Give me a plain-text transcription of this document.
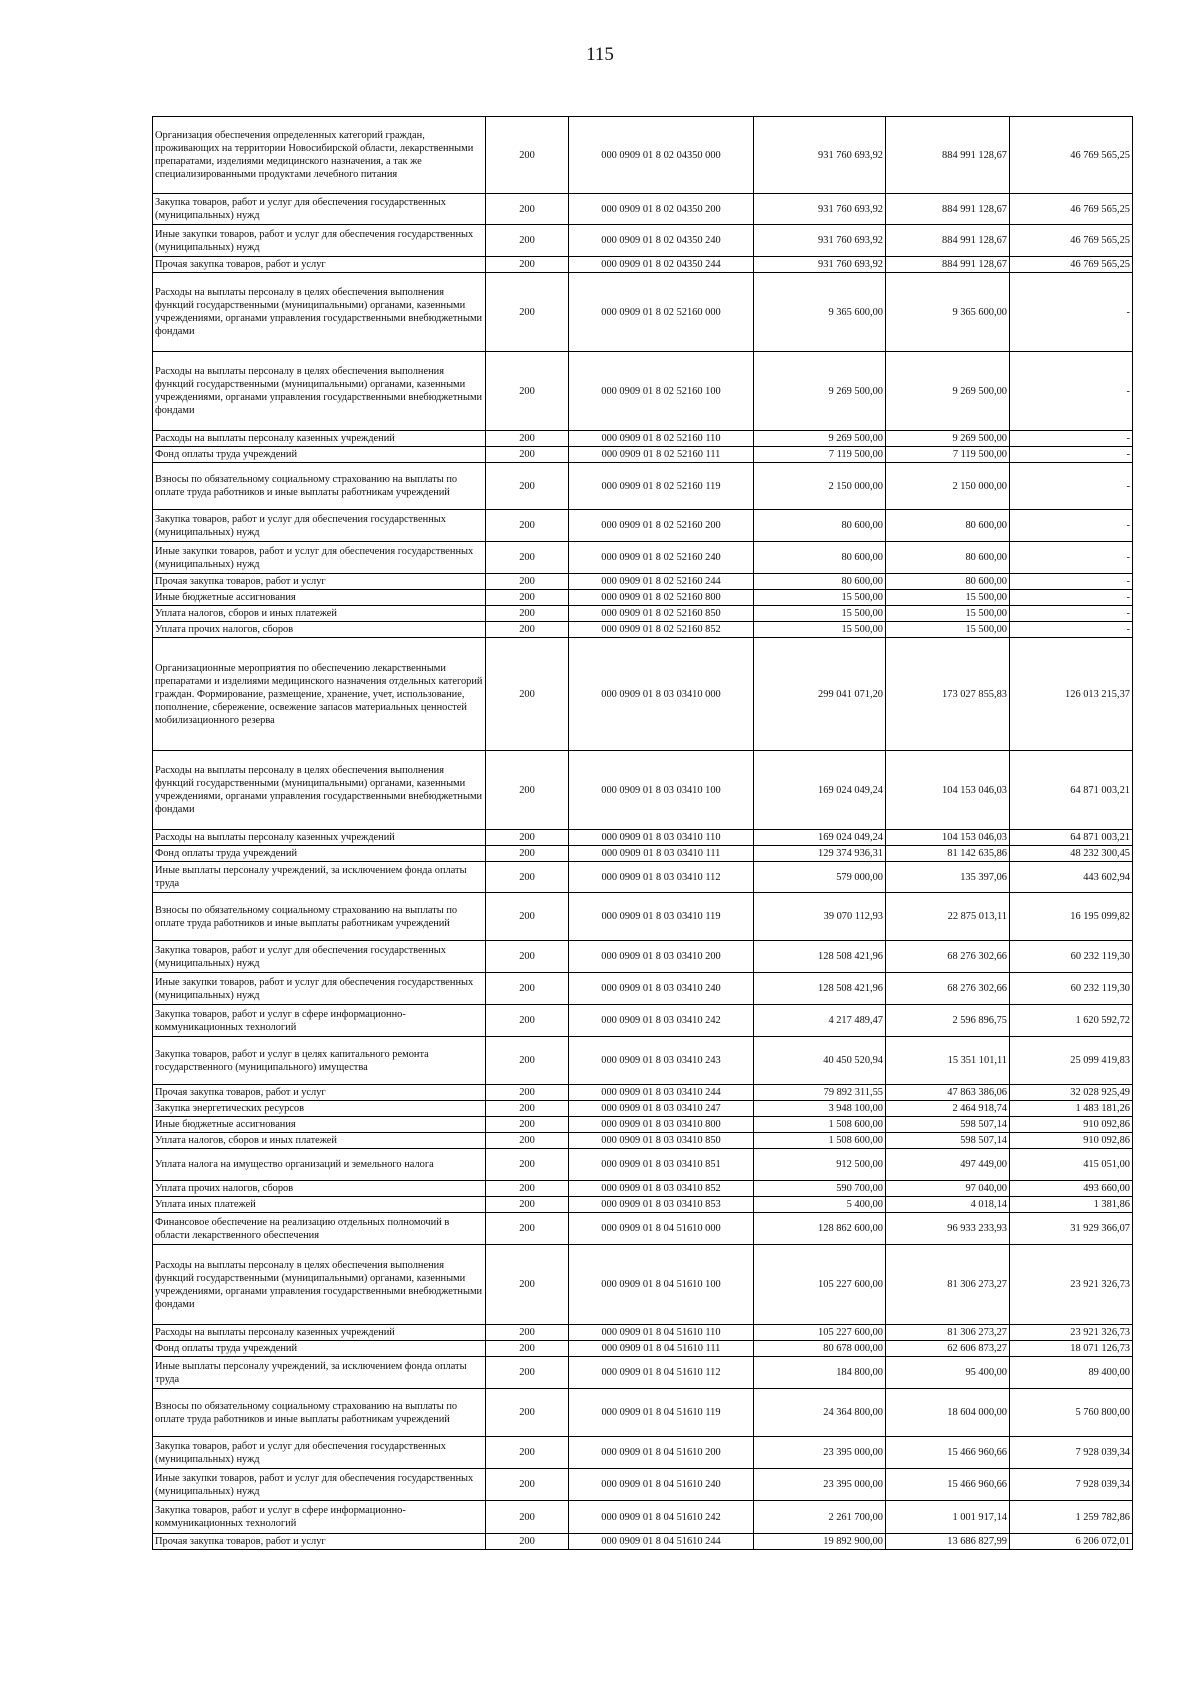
115
Организация обеспечения определенных категорий граждан, проживающих на территории Новосибирской области, лекарственными препаратами, изделиями медицинского назначения, а так же специализированными продуктами лечебного питания	200	000 0909 01 8 02 04350 000	931 760 693,92	884 991 128,67	46 769 565,25
Закупка товаров, работ и услуг для обеспечения государственных (муниципальных) нужд	200	000 0909 01 8 02 04350 200	931 760 693,92	884 991 128,67	46 769 565,25
Иные закупки товаров, работ и услуг для обеспечения государственных (муниципальных) нужд	200	000 0909 01 8 02 04350 240	931 760 693,92	884 991 128,67	46 769 565,25
Прочая закупка товаров, работ и услуг	200	000 0909 01 8 02 04350 244	931 760 693,92	884 991 128,67	46 769 565,25
Расходы на выплаты персоналу в целях обеспечения выполнения функций государственными (муниципальными) органами, казенными учреждениями, органами управления государственными внебюджетными фондами	200	000 0909 01 8 02 52160 000	9 365 600,00	9 365 600,00	-
Расходы на выплаты персоналу в целях обеспечения выполнения функций государственными (муниципальными) органами, казенными учреждениями, органами управления государственными внебюджетными фондами	200	000 0909 01 8 02 52160 100	9 269 500,00	9 269 500,00	-
Расходы на выплаты персоналу казенных учреждений	200	000 0909 01 8 02 52160 110	9 269 500,00	9 269 500,00	-
Фонд оплаты труда учреждений	200	000 0909 01 8 02 52160 111	7 119 500,00	7 119 500,00	-
Взносы по обязательному социальному страхованию на выплаты по оплате труда работников и иные выплаты работникам учреждений	200	000 0909 01 8 02 52160 119	2 150 000,00	2 150 000,00	-
Закупка товаров, работ и услуг для обеспечения государственных (муниципальных) нужд	200	000 0909 01 8 02 52160 200	80 600,00	80 600,00	-
Иные закупки товаров, работ и услуг для обеспечения государственных (муниципальных) нужд	200	000 0909 01 8 02 52160 240	80 600,00	80 600,00	-
Прочая закупка товаров, работ и услуг	200	000 0909 01 8 02 52160 244	80 600,00	80 600,00	-
Иные бюджетные ассигнования	200	000 0909 01 8 02 52160 800	15 500,00	15 500,00	-
Уплата налогов, сборов и иных платежей	200	000 0909 01 8 02 52160 850	15 500,00	15 500,00	-
Уплата прочих налогов, сборов	200	000 0909 01 8 02 52160 852	15 500,00	15 500,00	-
Организационные мероприятия по обеспечению лекарственными препаратами и изделиями медицинского назначения отдельных категорий граждан. Формирование, размещение, хранение, учет, использование, пополнение, сбережение, освежение запасов материальных ценностей мобилизационного резерва	200	000 0909 01 8 03 03410 000	299 041 071,20	173 027 855,83	126 013 215,37
Расходы на выплаты персоналу в целях обеспечения выполнения функций государственными (муниципальными) органами, казенными учреждениями, органами управления государственными внебюджетными фондами	200	000 0909 01 8 03 03410 100	169 024 049,24	104 153 046,03	64 871 003,21
Расходы на выплаты персоналу казенных учреждений	200	000 0909 01 8 03 03410 110	169 024 049,24	104 153 046,03	64 871 003,21
Фонд оплаты труда учреждений	200	000 0909 01 8 03 03410 111	129 374 936,31	81 142 635,86	48 232 300,45
Иные выплаты персоналу учреждений, за исключением фонда оплаты труда	200	000 0909 01 8 03 03410 112	579 000,00	135 397,06	443 602,94
Взносы по обязательному социальному страхованию на выплаты по оплате труда работников и иные выплаты работникам учреждений	200	000 0909 01 8 03 03410 119	39 070 112,93	22 875 013,11	16 195 099,82
Закупка товаров, работ и услуг для обеспечения государственных (муниципальных) нужд	200	000 0909 01 8 03 03410 200	128 508 421,96	68 276 302,66	60 232 119,30
Иные закупки товаров, работ и услуг для обеспечения государственных (муниципальных) нужд	200	000 0909 01 8 03 03410 240	128 508 421,96	68 276 302,66	60 232 119,30
Закупка товаров, работ и услуг в сфере информационно-коммуникационных технологий	200	000 0909 01 8 03 03410 242	4 217 489,47	2 596 896,75	1 620 592,72
Закупка товаров, работ и услуг в целях капитального ремонта государственного (муниципального) имущества	200	000 0909 01 8 03 03410 243	40 450 520,94	15 351 101,11	25 099 419,83
Прочая закупка товаров, работ и услуг	200	000 0909 01 8 03 03410 244	79 892 311,55	47 863 386,06	32 028 925,49
Закупка энергетических ресурсов	200	000 0909 01 8 03 03410 247	3 948 100,00	2 464 918,74	1 483 181,26
Иные бюджетные ассигнования	200	000 0909 01 8 03 03410 800	1 508 600,00	598 507,14	910 092,86
Уплата налогов, сборов и иных платежей	200	000 0909 01 8 03 03410 850	1 508 600,00	598 507,14	910 092,86
Уплата налога на имущество организаций и земельного налога	200	000 0909 01 8 03 03410 851	912 500,00	497 449,00	415 051,00
Уплата прочих налогов, сборов	200	000 0909 01 8 03 03410 852	590 700,00	97 040,00	493 660,00
Уплата иных платежей	200	000 0909 01 8 03 03410 853	5 400,00	4 018,14	1 381,86
Финансовое обеспечение на реализацию отдельных полномочий в области лекарственного обеспечения	200	000 0909 01 8 04 51610 000	128 862 600,00	96 933 233,93	31 929 366,07
Расходы на выплаты персоналу в целях обеспечения выполнения функций государственными (муниципальными) органами, казенными учреждениями, органами управления государственными внебюджетными фондами	200	000 0909 01 8 04 51610 100	105 227 600,00	81 306 273,27	23 921 326,73
Расходы на выплаты персоналу казенных учреждений	200	000 0909 01 8 04 51610 110	105 227 600,00	81 306 273,27	23 921 326,73
Фонд оплаты труда учреждений	200	000 0909 01 8 04 51610 111	80 678 000,00	62 606 873,27	18 071 126,73
Иные выплаты персоналу учреждений, за исключением фонда оплаты труда	200	000 0909 01 8 04 51610 112	184 800,00	95 400,00	89 400,00
Взносы по обязательному социальному страхованию на выплаты по оплате труда работников и иные выплаты работникам учреждений	200	000 0909 01 8 04 51610 119	24 364 800,00	18 604 000,00	5 760 800,00
Закупка товаров, работ и услуг для обеспечения государственных (муниципальных) нужд	200	000 0909 01 8 04 51610 200	23 395 000,00	15 466 960,66	7 928 039,34
Иные закупки товаров, работ и услуг для обеспечения государственных (муниципальных) нужд	200	000 0909 01 8 04 51610 240	23 395 000,00	15 466 960,66	7 928 039,34
Закупка товаров, работ и услуг в сфере информационно-коммуникационных технологий	200	000 0909 01 8 04 51610 242	2 261 700,00	1 001 917,14	1 259 782,86
Прочая закупка товаров, работ и услуг	200	000 0909 01 8 04 51610 244	19 892 900,00	13 686 827,99	6 206 072,01
